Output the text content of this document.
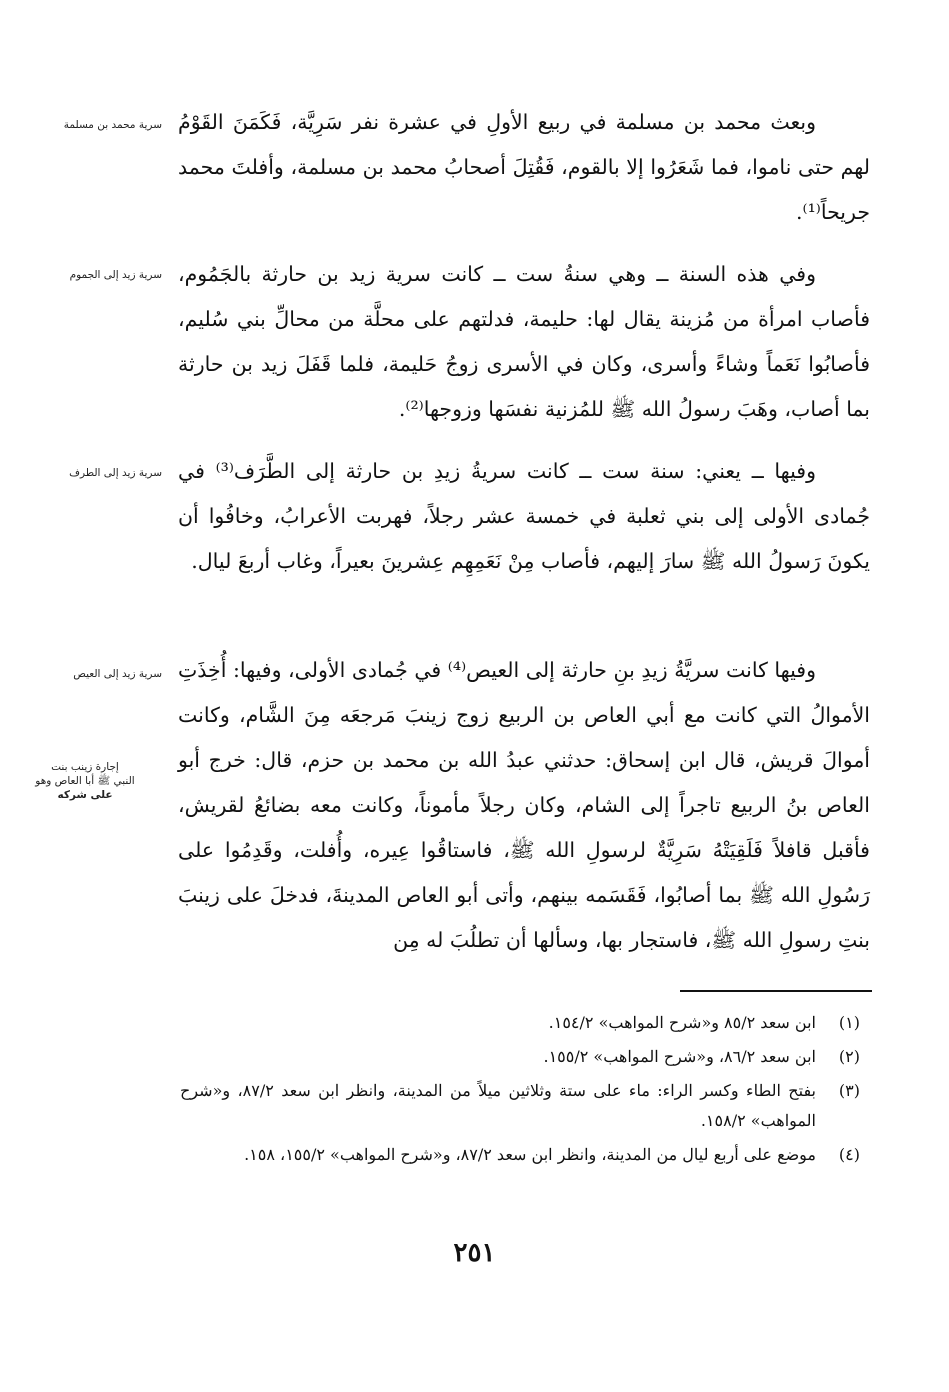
وبعث محمد بن مسلمة في ربيع الأولِ في عشرة نفر سَرِيَّة، فَكَمَنَ القَوْمُ لهم حتى ناموا، فما شَعَرُوا إلا بالقوم، فَقُتِلَ أصحابُ محمد بن مسلمة، وأفلتَ محمد جريحاً⁽¹⁾.

وفي هذه السنة ــ وهي سنةُ ست ــ كانت سرية زيد بن حارثة بالجَمُوم، فأصاب امرأة من مُزينة يقال لها: حليمة، فدلتهم على محلَّة من محالِّ بني سُليم، فأصابُوا نَعَماً وشاءً وأسرى، وكان في الأسرى زوجُ حَليمة، فلما قَفَلَ زيد بن حارثة بما أصاب، وهَبَ رسولُ الله ﷺ للمُزنية نفسَها وزوجها⁽²⁾.

وفيها ــ يعني: سنة ست ــ كانت سريةُ زيدِ بن حارثة إلى الطَّرَف⁽³⁾ في جُمادى الأولى إلى بني ثعلبة في خمسة عشر رجلاً، فهربت الأعرابُ، وخافُوا أن يكونَ رَسولُ الله ﷺ سارَ إليهم، فأصاب مِنْ نَعَمِهِم عِشرينَ بعيراً، وغاب أربعَ ليال.

وفيها كانت سريَّةُ زيدِ بنِ حارثة إلى العيص⁽⁴⁾ في جُمادى الأولى، وفيها: أُخِذَتِ الأموالُ التي كانت مع أبي العاص بن الربيع زوج زينبَ مَرجعَه مِنَ الشَّام، وكانت أموالَ قريش، قال ابن إسحاق: حدثني عبدُ الله بن محمد بن حزم، قال: خرج أبو العاص بنُ الربيع تاجراً إلى الشام، وكان رجلاً مأموناً، وكانت معه بضائعُ لقريش، فأقبل قافلاً فَلَقِيَتْهُ سَرِيَّةٌ لرسولِ الله ﷺ، فاستاقُوا عِيره، وأُفلت، وقَدِمُوا على رَسُولِ الله ﷺ بما أصابُوا، فَقَسَمه بينهم، وأتى أبو العاص المدينةَ، فدخلَ على زينبَ بنتِ رسولِ الله ﷺ، فاستجار بها، وسألها أن تطلُبَ له مِن

سرية محمد بن مسلمة
سرية زيد إلى الجموم
سرية زيد إلى الطرف
سرية زيد إلى العيص
إجارة زينب بنت
النبي ﷺ أبا العاص وهو
على شركه
(١)
ابن سعد ٨٥/٢ و«شرح المواهب» ١٥٤/٢.
(٢)
ابن سعد ٨٦/٢، و«شرح المواهب» ١٥٥/٢.
(٣)
بفتح الطاء وكسر الراء: ماء على ستة وثلاثين ميلاً من المدينة، وانظر ابن سعد ٨٧/٢، و«شرح المواهب» ١٥٨/٢.
(٤)
موضع على أربع ليال من المدينة، وانظر ابن سعد ٨٧/٢، و«شرح المواهب» ١٥٥/٢، ١٥٨.
٢٥١
